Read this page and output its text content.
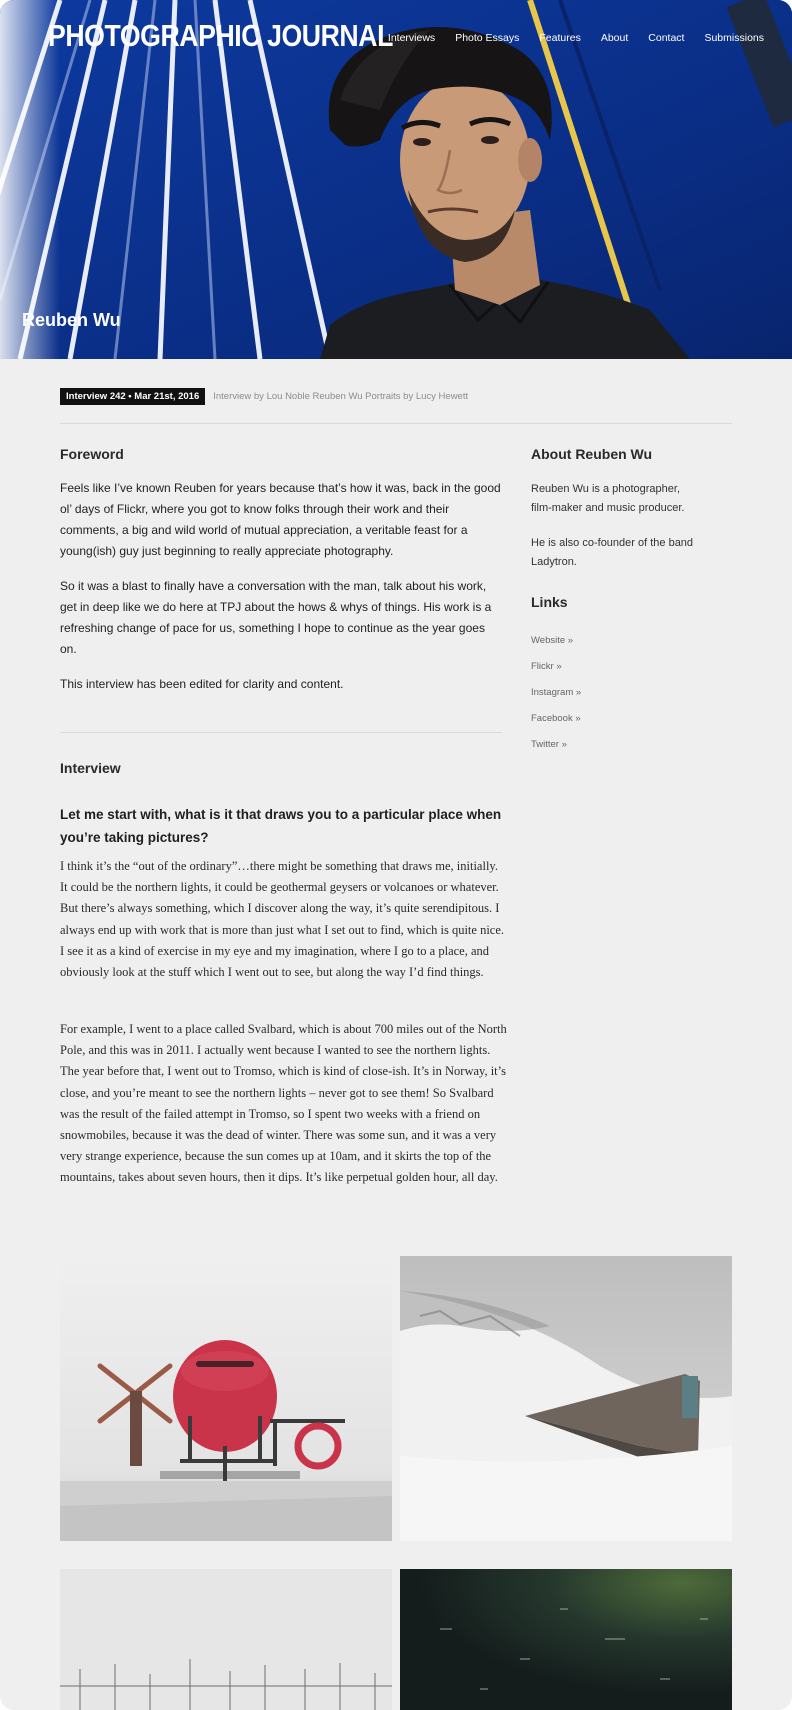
PHOTOGRAPHIC JOURNAL
Interviews	Photo Essays	Features	About	Contact	Submissions
Reuben Wu
Interview 242 • Mar 21st, 2016	Interview by Lou Noble Reuben Wu Portraits by Lucy Hewett
Foreword

Feels like I’ve known Reuben for years because that’s how it was, back in the good ol’ days of Flickr, where you got to know folks through their work and their comments, a big and wild world of mutual appreciation, a veritable feast for a young(ish) guy just beginning to really appreciate photography.

So it was a blast to finally have a conversation with the man, talk about his work, get in deep like we do here at TPJ about the hows & whys of things. His work is a refreshing change of pace for us, something I hope to continue as the year goes on.

This interview has been edited for clarity and content.

Interview
Let me start with, what is it that draws you to a particular place when you’re taking pictures?

I think it’s the “out of the ordinary”…there might be something that draws me, initially. It could be the northern lights, it could be geothermal geysers or volcanoes or whatever. But there’s always something, which I discover along the way, it’s quite serendipitous. I always end up with work that is more than just what I set out to find, which is quite nice. I see it as a kind of exercise in my eye and my imagination, where I go to a place, and obviously look at the stuff which I went out to see, but along the way I’d find things.

For example, I went to a place called Svalbard, which is about 700 miles out of the North Pole, and this was in 2011. I actually went because I wanted to see the northern lights. The year before that, I went out to Tromso, which is kind of close-ish. It’s in Norway, it’s close, and you’re meant to see the northern lights – never got to see them! So Svalbard was the result of the failed attempt in Tromso, so I spent two weeks with a friend on snowmobiles, because it was the dead of winter. There was some sun, and it was a very very strange experience, because the sun comes up at 10am, and it skirts the top of the mountains, takes about seven hours, then it dips. It’s like perpetual golden hour, all day.

About Reuben Wu

Reuben Wu is a photographer, film-maker and music producer.

He is also co-founder of the band Ladytron.

Links
Website »
Flickr »
Instagram »
Facebook »
Twitter »
